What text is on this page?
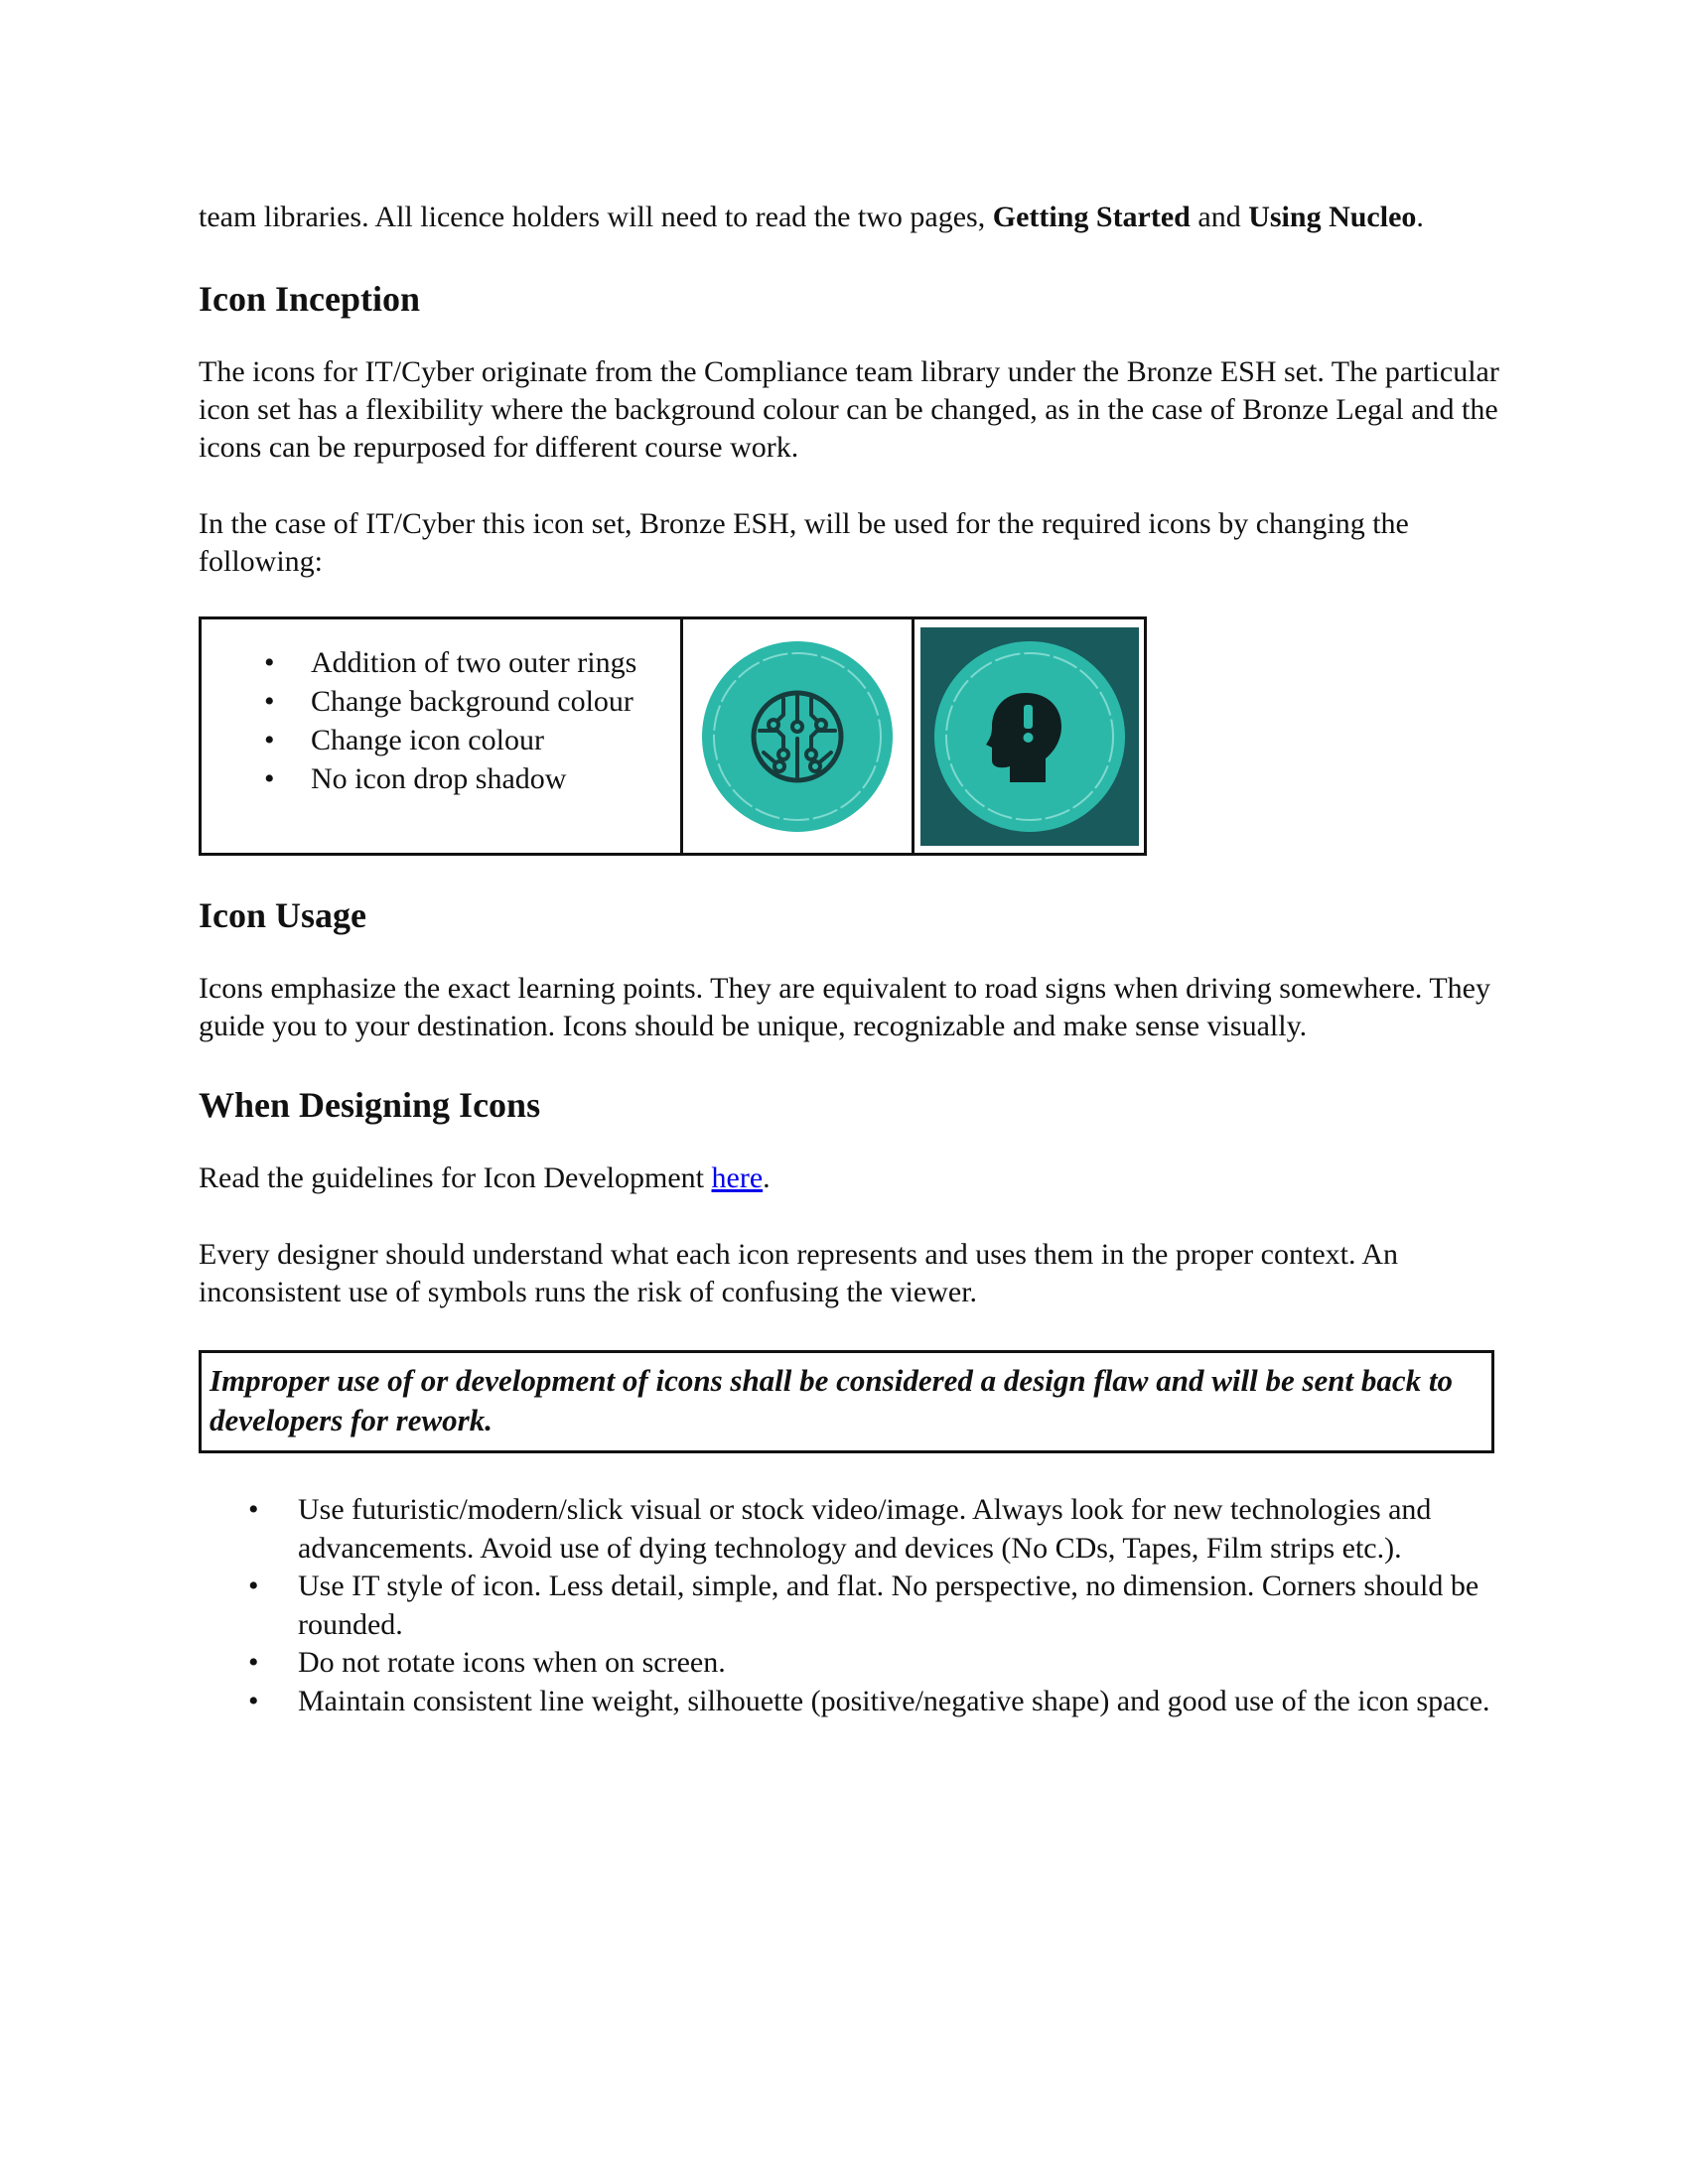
team libraries. All licence holders will need to read the two pages, Getting Started and Using Nucleo.

Icon Inception

The icons for IT/Cyber originate from the Compliance team library under the Bronze ESH set. The particular icon set has a flexibility where the background colour can be changed, as in the case of Bronze Legal and the icons can be repurposed for different course work.

In the case of IT/Cyber this icon set, Bronze ESH, will be used for the required icons by changing the following:

• Addition of two outer rings
• Change background colour
• Change icon colour
• No icon drop shadow
Icon Usage

Icons emphasize the exact learning points. They are equivalent to road signs when driving somewhere. They guide you to your destination. Icons should be unique, recognizable and make sense visually.

When Designing Icons

Read the guidelines for Icon Development here.

Every designer should understand what each icon represents and uses them in the proper context. An inconsistent use of symbols runs the risk of confusing the viewer.

Improper use of or development of icons shall be considered a design flaw and will be sent back to developers for rework.

• Use futuristic/modern/slick visual or stock video/image. Always look for new technologies and advancements. Avoid use of dying technology and devices (No CDs, Tapes, Film strips etc.).
• Use IT style of icon. Less detail, simple, and flat. No perspective, no dimension. Corners should be rounded.
• Do not rotate icons when on screen.
• Maintain consistent line weight, silhouette (positive/negative shape) and good use of the icon space.
